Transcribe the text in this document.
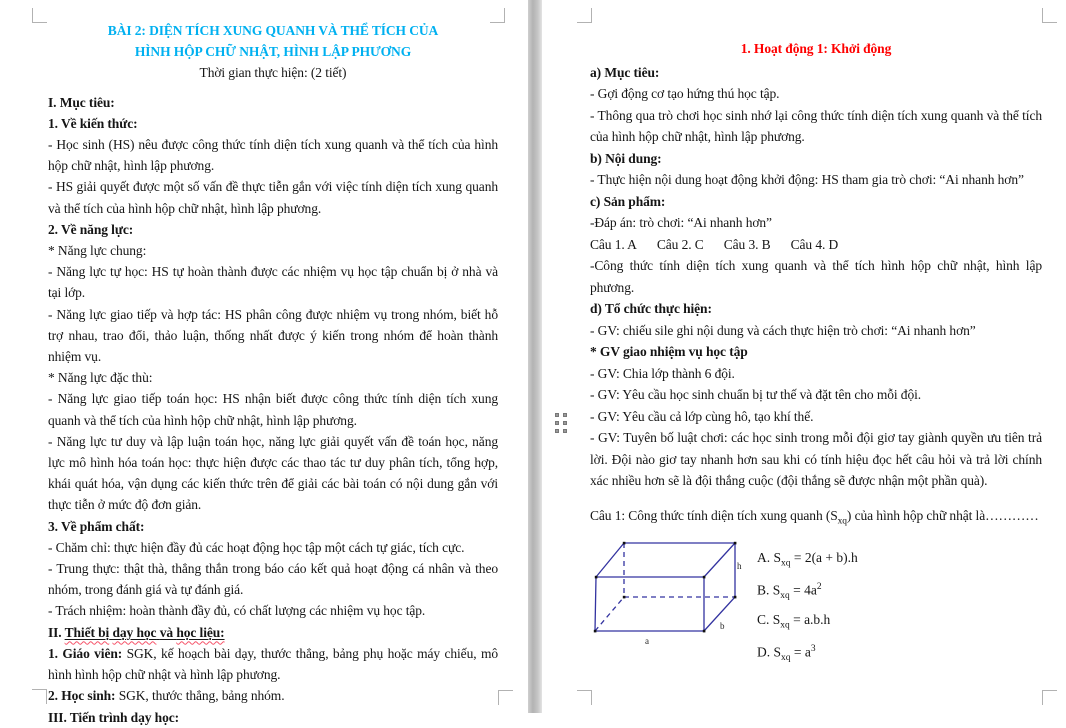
BÀI 2: DIỆN TÍCH XUNG QUANH VÀ THỂ TÍCH CỦA

HÌNH HỘP CHỮ NHẬT, HÌNH LẬP PHƯƠNG

Thời gian thực hiện: (2 tiết)

I. Mục tiêu:

1. Về kiến thức:

- Học sinh (HS) nêu được công thức tính diện tích xung quanh và thể tích của hình hộp chữ nhật, hình lập phương.

- HS giải quyết được một số vấn đề thực tiễn gắn với việc tính diện tích xung quanh và thể tích của hình hộp chữ nhật, hình lập phương.

2. Về năng lực:

* Năng lực chung:

- Năng lực tự học: HS tự hoàn thành được các nhiệm vụ học tập chuẩn bị ở nhà và tại lớp.

- Năng lực giao tiếp và hợp tác: HS phân công được nhiệm vụ trong nhóm, biết hỗ trợ nhau, trao đổi, thảo luận, thống nhất được ý kiến trong nhóm để hoàn thành nhiệm vụ.

* Năng lực đặc thù:

- Năng lực giao tiếp toán học: HS nhận biết được công thức tính diện tích xung quanh và thể tích của hình hộp chữ nhật, hình lập phương.

- Năng lực tư duy và lập luận toán học, năng lực giải quyết vấn đề toán học, năng lực mô hình hóa toán học: thực hiện được các thao tác tư duy phân tích, tổng hợp, khái quát hóa, vận dụng các kiến thức trên để giải các bài toán có nội dung gắn với thực tiễn ở mức độ đơn giản.

3. Về phẩm chất:

- Chăm chỉ: thực hiện đầy đủ các hoạt động học tập một cách tự giác, tích cực.

- Trung thực: thật thà, thẳng thắn trong báo cáo kết quả hoạt động cá nhân và theo nhóm, trong đánh giá và tự đánh giá.

- Trách nhiệm: hoàn thành đầy đủ, có chất lượng các nhiệm vụ học tập.

II. Thiết bị dạy học và học liệu:

1. Giáo viên: SGK, kế hoạch bài dạy, thước thẳng, bảng phụ hoặc máy chiếu, mô hình hình hộp chữ nhật và hình lập phương.

2. Học sinh: SGK, thước thẳng, bảng nhóm.

III. Tiến trình dạy học:

1. Hoạt động 1: Khởi động

a) Mục tiêu:

- Gợi động cơ tạo hứng thú học tập.

- Thông qua trò chơi học sinh nhớ lại công thức tính diện tích xung quanh và thể tích của hình hộp chữ nhật, hình lập phương.

b) Nội dung:

- Thực hiện nội dung hoạt động khởi động: HS tham gia trò chơi: “Ai nhanh hơn”

c) Sản phẩm:

-Đáp án: trò chơi: “Ai nhanh hơn”

Câu 1. A  Câu 2. C  Câu 3. B  Câu 4. D

-Công thức tính diện tích xung quanh và thể tích hình hộp chữ nhật, hình lập phương.

d) Tổ chức thực hiện:

- GV: chiếu sile ghi nội dung và cách thực hiện trò chơi: “Ai nhanh hơn”

* GV giao nhiệm vụ học tập

- GV: Chia lớp thành 6 đội.

- GV: Yêu cầu học sinh chuẩn bị tư thế và đặt tên cho mỗi đội.

- GV: Yêu cầu cả lớp cùng hô, tạo khí thế.

- GV: Tuyên bố luật chơi: các học sinh trong mỗi đội giơ tay giành quyền ưu tiên trả lời. Đội nào giơ tay nhanh hơn sau khi có tính hiệu đọc hết câu hỏi và trả lời chính xác nhiều hơn sẽ là đội thắng cuộc (đội thắng sẽ được nhận một phần quà).

Câu 1: Công thức tính diện tích xung quanh $(S_{xq})$ của hình hộp chữ nhật là…………

A. $S_{xq} = 2(a + b).h$

B. $S_{xq} = 4a^2$

C. $S_{xq} = a.b.h$

D. $S_{xq} = a^3$

a
b
h
